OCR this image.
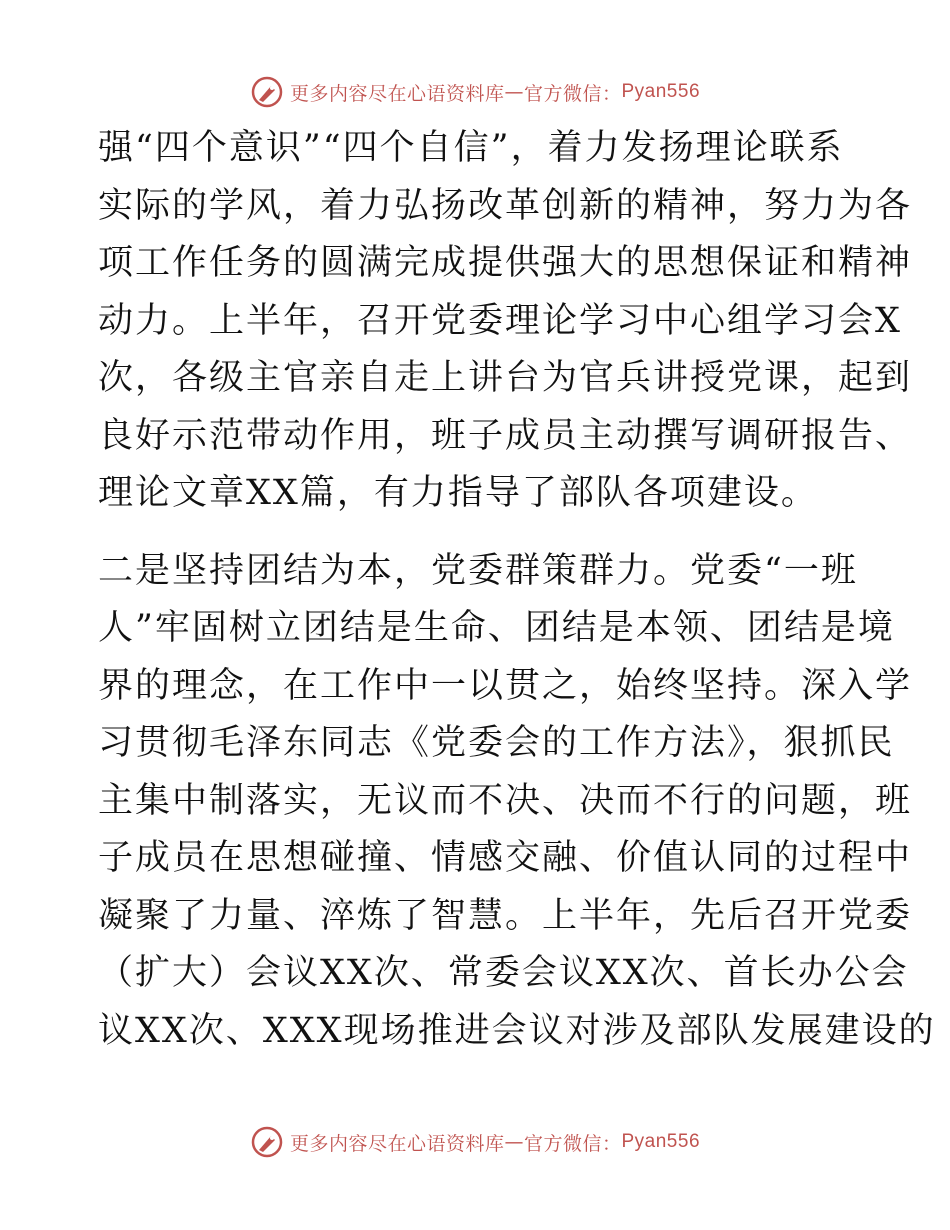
更多内容尽在心语资料库 — 官方微信： Pyan556
强“四个意识”“四个自信”，着力发扬理论联系
实际的学风，着力弘扬改革创新的精神，努力为各
项工作任务的圆满完成提供强大的思想保证和精神
动力。上半年，召开党委理论学习中心组学习会X
次，各级主官亲自走上讲台为官兵讲授党课，起到
良好示范带动作用，班子成员主动撰写调研报告、
理论文章XX篇，有力指导了部队各项建设。
二是坚持团结为本，党委群策群力。党委“一班
人”牢固树立团结是生命、团结是本领、团结是境
界的理念，在工作中一以贯之，始终坚持。深入学
习贯彻毛泽东同志《党委会的工作方法》，狠抓民
主集中制落实，无议而不决、决而不行的问题，班
子成员在思想碰撞、情感交融、价值认同的过程中
凝聚了力量、淬炼了智慧。上半年，先后召开党委
（扩大）会议XX次、常委会议XX次、首长办公会
议XX次、XXX现场推进会议对涉及部队发展建设的
更多内容尽在心语资料库 — 官方微信： Pyan556
